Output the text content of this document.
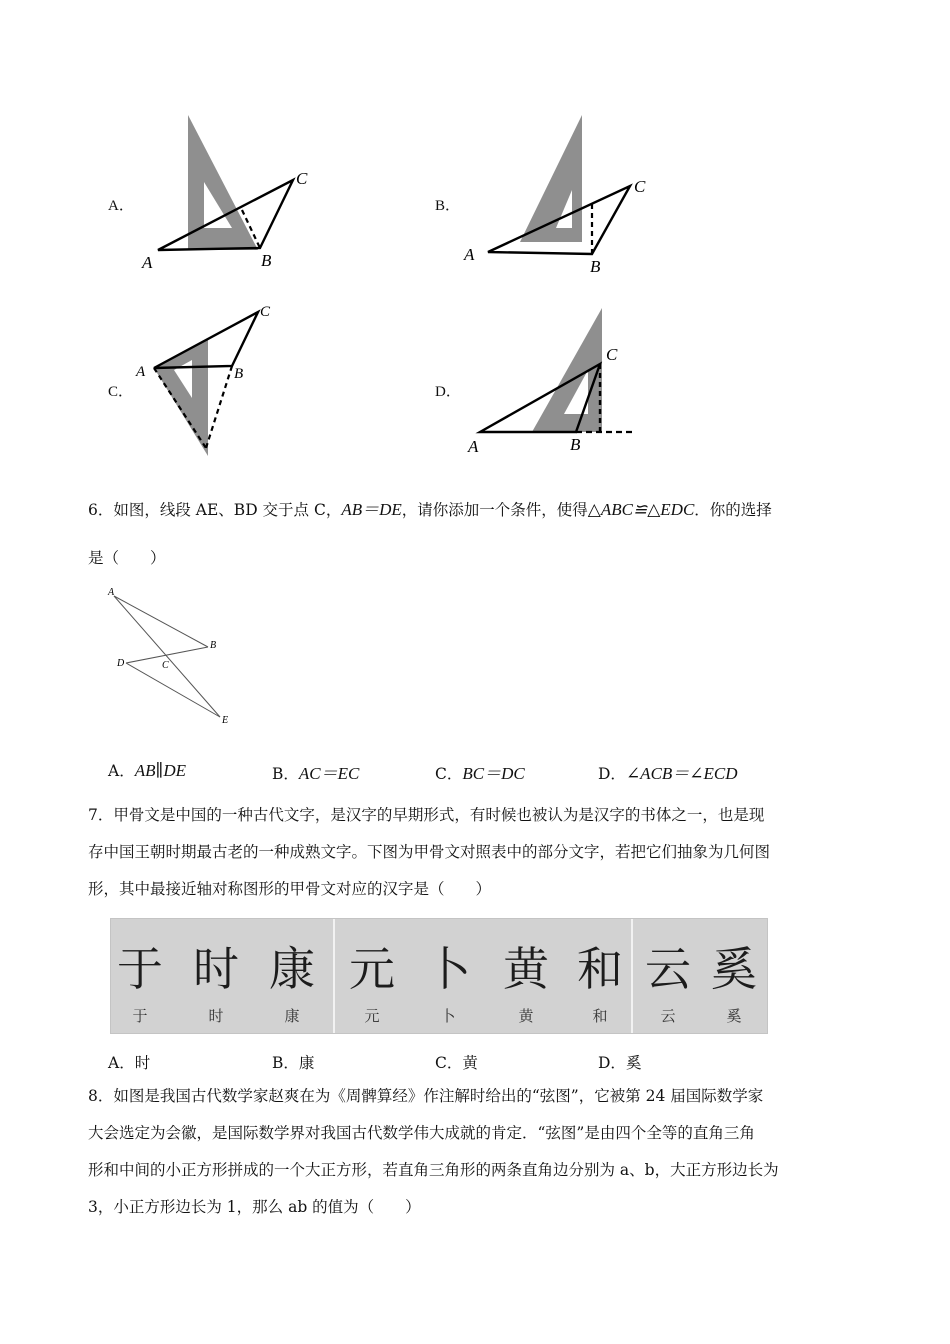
A．
A	B
C
B．
A
B
C
C．
A	B
C
D．
A	B
C
6．如图，线段 AE、BD 交于点 C，AB＝DE，请你添加一个条件，使得△ABC≌△EDC．你的选择
是（　　）
A
B
C
D
E
A．AB∥DE	B．AC＝EC	C．BC＝DC	D．∠ACB＝∠ECD
7．甲骨文是中国的一种古代文字，是汉字的早期形式，有时候也被认为是汉字的书体之一，也是现
存中国王朝时期最古老的一种成熟文字。下图为甲骨文对照表中的部分文字，若把它们抽象为几何图
形，其中最接近轴对称图形的甲骨文对应的汉字是（　　）
于 时 康 元 卜 黄 和 云 奚
于	时	康	元	卜	黄	和	云	奚
A．时	B．康	C．黄	D．奚
8．如图是我国古代数学家赵爽在为《周髀算经》作注解时给出的“弦图”，它被第 24 届国际数学家
大会选定为会徽，是国际数学界对我国古代数学伟大成就的肯定．“弦图”是由四个全等的直角三角
形和中间的小正方形拼成的一个大正方形，若直角三角形的两条直角边分别为 a、b，大正方形边长为
3，小正方形边长为 1，那么 ab 的值为（　　）
